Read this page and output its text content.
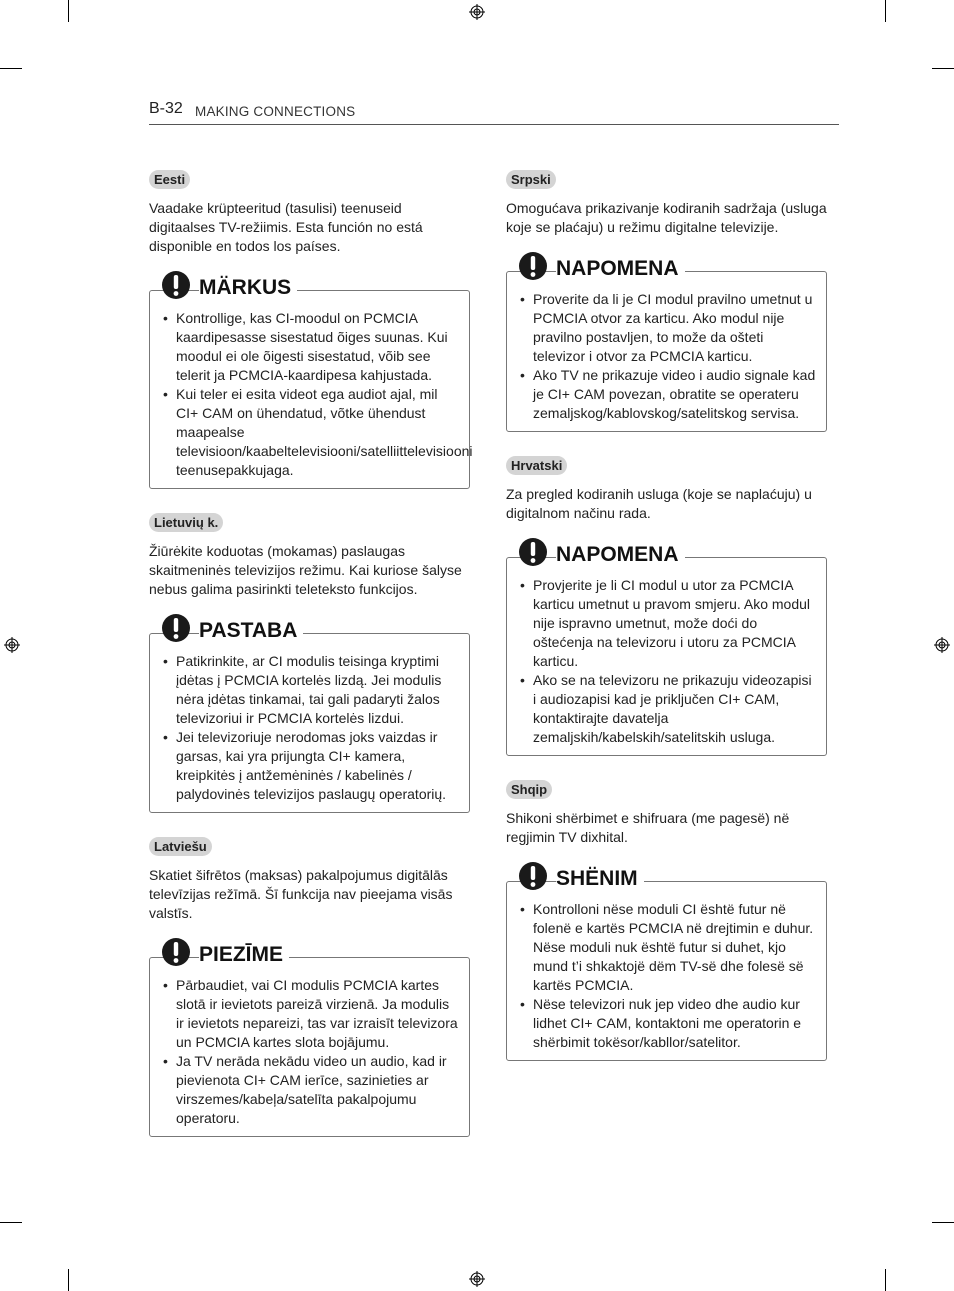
B-32 MAKING CONNECTIONS
Eesti

Vaadake krüpteeritud (tasulisi) teenuseid digitaalses TV-režiimis. Esta función no está disponible en todos los países.

MÄRKUS
• Kontrollige, kas CI-moodul on PCMCIA kaardipesasse sisestatud õiges suunas. Kui moodul ei ole õigesti sisestatud, võib see telerit ja PCMCIA-kaardipesa kahjustada.
• Kui teler ei esita videot ega audiot ajal, mil CI+ CAM on ühendatud, võtke ühendust maapealse televisioon/kaabeltelevisiooni/satelliittelevisiooni teenusepakkujaga.
Lietuvių k.

Žiūrėkite koduotas (mokamas) paslaugas skaitmeninės televizijos režimu. Kai kuriose šalyse nebus galima pasirinkti teleteksto funkcijos.

PASTABA
• Patikrinkite, ar CI modulis teisinga kryptimi įdėtas į PCMCIA kortelės lizdą. Jei modulis nėra įdėtas tinkamai, tai gali padaryti žalos televizoriui ir PCMCIA kortelės lizdui.
• Jei televizoriuje nerodomas joks vaizdas ir garsas, kai yra prijungta CI+ kamera, kreipkitės į antžemėninės / kabelinės / palydovinės televizijos paslaugų operatorių.
Latviešu

Skatiet šifrētos (maksas) pakalpojumus digitālās televīzijas režīmā. Šī funkcija nav pieejama visās valstīs.

PIEZĪME
• Pārbaudiet, vai CI modulis PCMCIA kartes slotā ir ievietots pareizā virzienā. Ja modulis ir ievietots nepareizi, tas var izraisīt televizora un PCMCIA kartes slota bojājumu.
• Ja TV nerāda nekādu video un audio, kad ir pievienota CI+ CAM ierīce, sazinieties ar virszemes/kabeļa/satelīta pakalpojumu operatoru.
Srpski

Omogućava prikazivanje kodiranih sadržaja (usluga koje se plaćaju) u režimu digitalne televizije.

NAPOMENA
• Proverite da li je CI modul pravilno umetnut u PCMCIA otvor za karticu. Ako modul nije pravilno postavljen, to može da ošteti televizor i otvor za PCMCIA karticu.
• Ako TV ne prikazuje video i audio signale kad je CI+ CAM povezan, obratite se operateru zemaljskog/kablovskog/satelitskog servisa.
Hrvatski

Za pregled kodiranih usluga (koje se naplaćuju) u digitalnom načinu rada.

NAPOMENA
• Provjerite je li CI modul u utor za PCMCIA karticu umetnut u pravom smjeru. Ako modul nije ispravno umetnut, može doći do oštećenja na televizoru i utoru za PCMCIA karticu.
• Ako se na televizoru ne prikazuju videozapisi i audiozapisi kad je priključen CI+ CAM, kontaktirajte davatelja zemaljskih/kabelskih/satelitskih usluga.
Shqip

Shikoni shërbimet e shifruara (me pagesë) në regjimin TV dixhital.

SHËNIM
• Kontrolloni nëse moduli CI është futur në folenë e kartës PCMCIA në drejtimin e duhur. Nëse moduli nuk është futur si duhet, kjo mund t’i shkaktojë dëm TV-së dhe folesë së kartës PCMCIA.
• Nëse televizori nuk jep video dhe audio kur lidhet CI+ CAM, kontaktoni me operatorin e shërbimit tokësor/kabllor/satelitor.
